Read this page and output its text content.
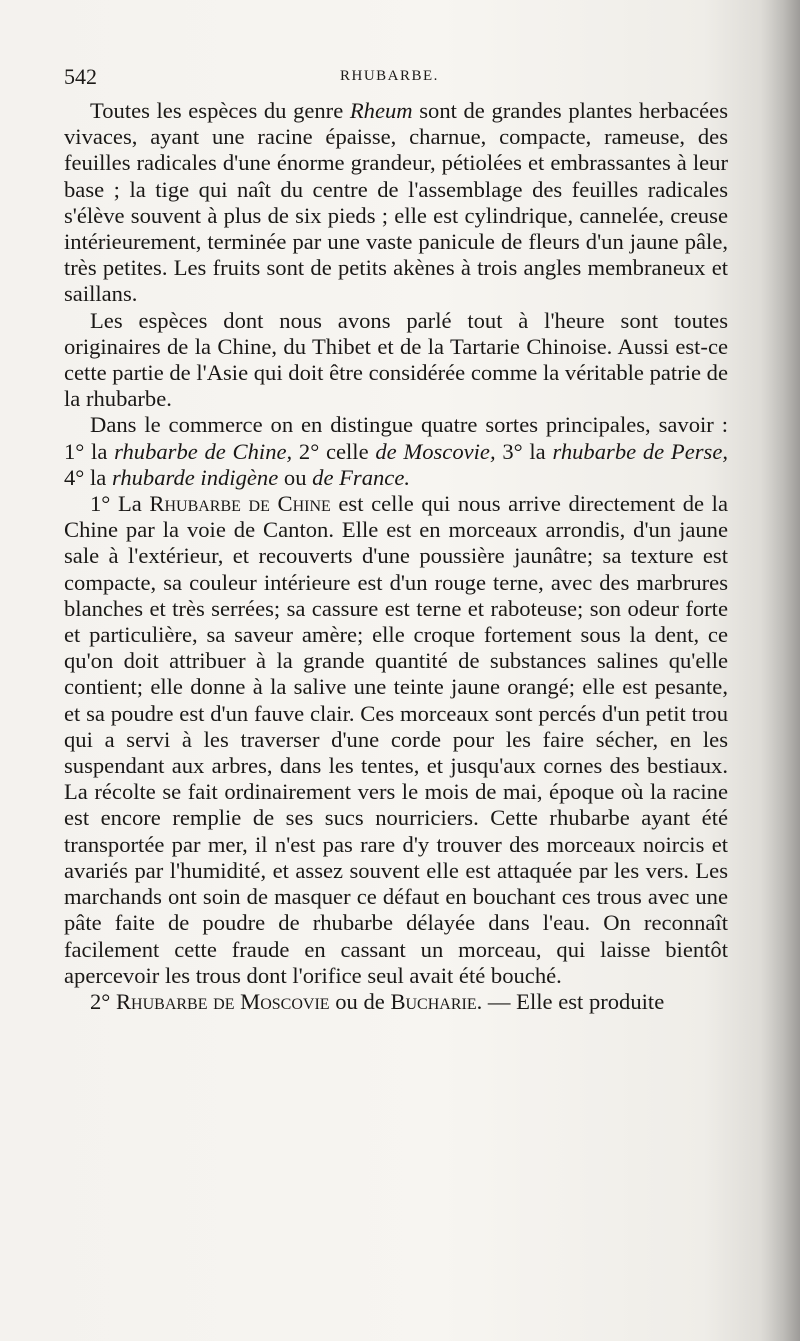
542	RHUBARBE.

Toutes les espèces du genre Rheum sont de grandes plantes herbacées vivaces, ayant une racine épaisse, charnue, compacte, rameuse, des feuilles radicales d'une énorme grandeur, pétiolées et embrassantes à leur base ; la tige qui naît du centre de l'assemblage des feuilles radicales s'élève souvent à plus de six pieds ; elle est cylindrique, cannelée, creuse intérieurement, terminée par une vaste panicule de fleurs d'un jaune pâle, très petites. Les fruits sont de petits akènes à trois angles membraneux et saillans.

Les espèces dont nous avons parlé tout à l'heure sont toutes originaires de la Chine, du Thibet et de la Tartarie Chinoise. Aussi est-ce cette partie de l'Asie qui doit être considérée comme la véritable patrie de la rhubarbe.

Dans le commerce on en distingue quatre sortes principales, savoir : 1° la rhubarbe de Chine, 2° celle de Moscovie, 3° la rhubarbe de Perse, 4° la rhubarde indigène ou de France.

1° La Rhubarbe de Chine est celle qui nous arrive directement de la Chine par la voie de Canton. Elle est en morceaux arrondis, d'un jaune sale à l'extérieur, et recouverts d'une poussière jaunâtre; sa texture est compacte, sa couleur intérieure est d'un rouge terne, avec des marbrures blanches et très serrées; sa cassure est terne et raboteuse; son odeur forte et particulière, sa saveur amère; elle croque fortement sous la dent, ce qu'on doit attribuer à la grande quantité de substances salines qu'elle contient; elle donne à la salive une teinte jaune orangé; elle est pesante, et sa poudre est d'un fauve clair. Ces morceaux sont percés d'un petit trou qui a servi à les traverser d'une corde pour les faire sécher, en les suspendant aux arbres, dans les tentes, et jusqu'aux cornes des bestiaux. La récolte se fait ordinairement vers le mois de mai, époque où la racine est encore remplie de ses sucs nourriciers. Cette rhubarbe ayant été transportée par mer, il n'est pas rare d'y trouver des morceaux noircis et avariés par l'humidité, et assez souvent elle est attaquée par les vers. Les marchands ont soin de masquer ce défaut en bouchant ces trous avec une pâte faite de poudre de rhubarbe délayée dans l'eau. On reconnaît facilement cette fraude en cassant un morceau, qui laisse bientôt apercevoir les trous dont l'orifice seul avait été bouché.

2° Rhubarbe de Moscovie ou de Bucharie. — Elle est produite
